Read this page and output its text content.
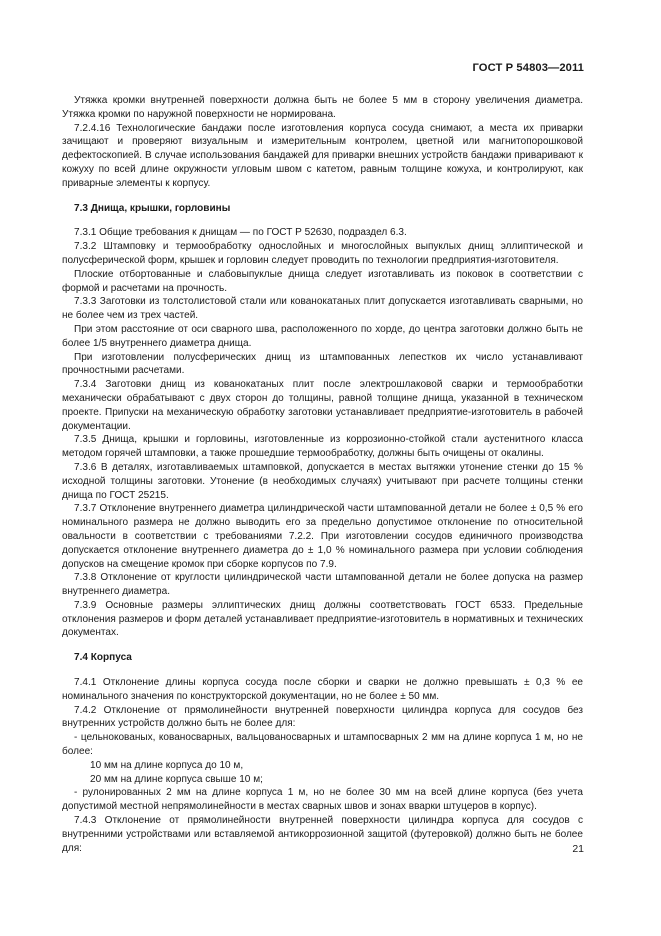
ГОСТ Р 54803—2011

Утяжка кромки внутренней поверхности должна быть не более 5 мм в сторону увеличения диаметра. Утяжка кромки по наружной поверхности не нормирована.

7.2.4.16 Технологические бандажи после изготовления корпуса сосуда снимают, а места их приварки зачищают и проверяют визуальным и измерительным контролем, цветной или магнитопорошковой дефектоскопией. В случае использования бандажей для приварки внешних устройств бандажи приваривают к кожуху по всей длине окружности угловым швом с катетом, равным толщине кожуха, и контролируют, как приварные элементы к корпусу.

7.3 Днища, крышки, горловины

7.3.1 Общие требования к днищам — по ГОСТ Р 52630, подраздел 6.3.

7.3.2 Штамповку и термообработку однослойных и многослойных выпуклых днищ эллиптической и полусферической форм, крышек и горловин следует проводить по технологии предприятия-изготовителя.

Плоские отбортованные и слабовыпуклые днища следует изготавливать из поковок в соответствии с формой и расчетами на прочность.

7.3.3 Заготовки из толстолистовой стали или кованокатаных плит допускается изготавливать сварными, но не более чем из трех частей.

При этом расстояние от оси сварного шва, расположенного по хорде, до центра заготовки должно быть не более 1/5 внутреннего диаметра днища.

При изготовлении полусферических днищ из штампованных лепестков их число устанавливают прочностными расчетами.

7.3.4 Заготовки днищ из кованокатаных плит после электрошлаковой сварки и термообработки механически обрабатывают с двух сторон до толщины, равной толщине днища, указанной в техническом проекте. Припуски на механическую обработку заготовки устанавливает предприятие-изготовитель в рабочей документации.

7.3.5 Днища, крышки и горловины, изготовленные из коррозионно-стойкой стали аустенитного класса методом горячей штамповки, а также прошедшие термообработку, должны быть очищены от окалины.

7.3.6 В деталях, изготавливаемых штамповкой, допускается в местах вытяжки утонение стенки до 15 % исходной толщины заготовки. Утонение (в необходимых случаях) учитывают при расчете толщины стенки днища по ГОСТ 25215.

7.3.7 Отклонение внутреннего диаметра цилиндрической части штампованной детали не более ± 0,5 % его номинального размера не должно выводить его за предельно допустимое отклонение по относительной овальности в соответствии с требованиями 7.2.2. При изготовлении сосудов единичного производства допускается отклонение внутреннего диаметра до ± 1,0 % номинального размера при условии соблюдения допусков на смещение кромок при сборке корпусов по 7.9.

7.3.8 Отклонение от круглости цилиндрической части штампованной детали не более допуска на размер внутреннего диаметра.

7.3.9 Основные размеры эллиптических днищ должны соответствовать ГОСТ 6533. Предельные отклонения размеров и форм деталей устанавливает предприятие-изготовитель в нормативных и технических документах.

7.4 Корпуса

7.4.1 Отклонение длины корпуса сосуда после сборки и сварки не должно превышать ± 0,3 % ее номинального значения по конструкторской документации, но не более ± 50 мм.

7.4.2 Отклонение от прямолинейности внутренней поверхности цилиндра корпуса для сосудов без внутренних устройств должно быть не более для:

- цельнокованых, кованосварных, вальцованосварных и штампосварных 2 мм на длине корпуса 1 м, но не более:

10 мм на длине корпуса до 10 м,

20 мм на длине корпуса свыше 10 м;

- рулонированных 2 мм на длине корпуса 1 м, но не более 30 мм на всей длине корпуса (без учета допустимой местной непрямолинейности в местах сварных швов и зонах вварки штуцеров в корпус).

7.4.3 Отклонение от прямолинейности внутренней поверхности цилиндра корпуса для сосудов с внутренними устройствами или вставляемой антикоррозионной защитой (футеровкой) должно быть не более для:	21
